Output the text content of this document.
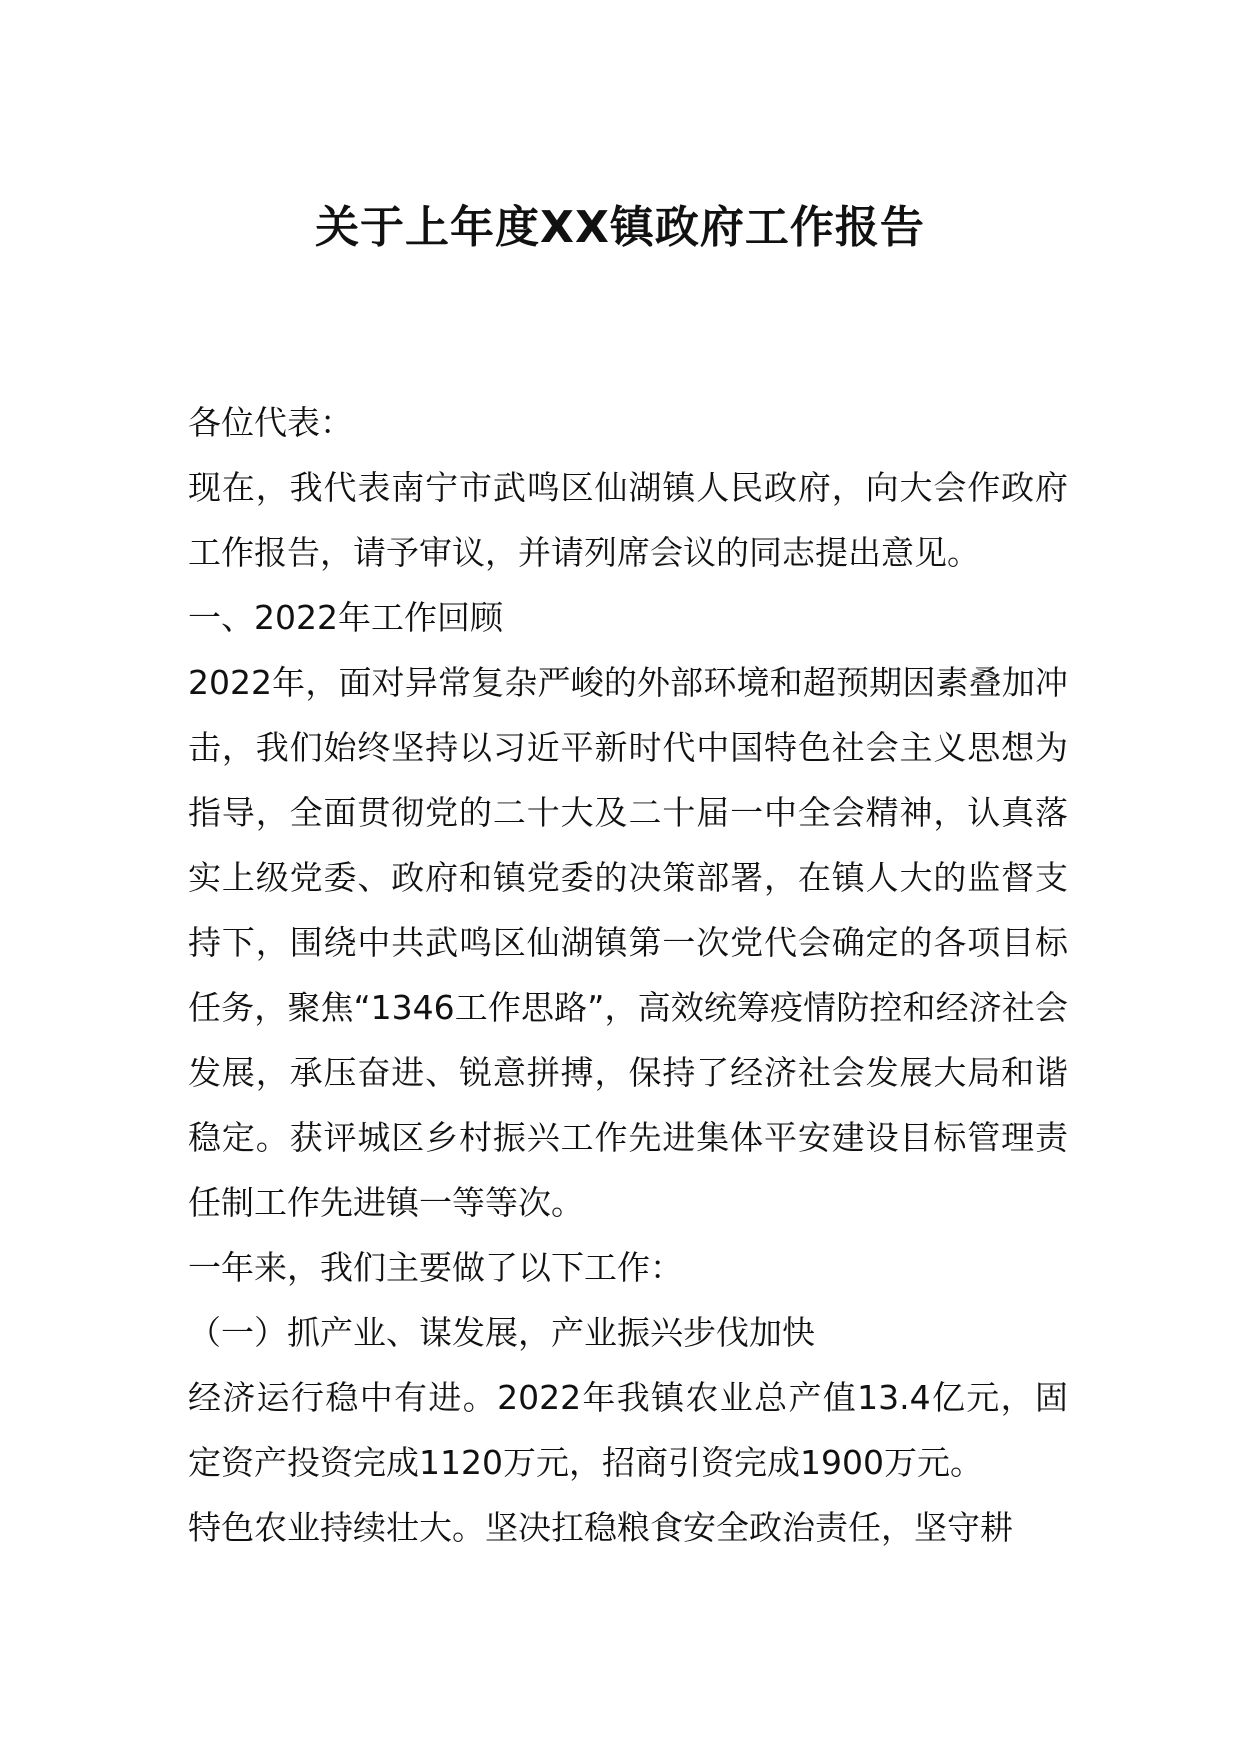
关于上年度XX镇政府工作报告

各位代表：

现在，我代表南宁市武鸣区仙湖镇人民政府，向大会作政府工作报告，请予审议，并请列席会议的同志提出意见。

一、2022年工作回顾

2022年，面对异常复杂严峻的外部环境和超预期因素叠加冲击，我们始终坚持以习近平新时代中国特色社会主义思想为指导，全面贯彻党的二十大及二十届一中全会精神，认真落实上级党委、政府和镇党委的决策部署，在镇人大的监督支持下，围绕中共武鸣区仙湖镇第一次党代会确定的各项目标任务，聚焦“1346工作思路”，高效统筹疫情防控和经济社会发展，承压奋进、锐意拼搏，保持了经济社会发展大局和谐稳定。获评城区乡村振兴工作先进集体平安建设目标管理责任制工作先进镇一等等次。

一年来，我们主要做了以下工作：

（一）抓产业、谋发展，产业振兴步伐加快

经济运行稳中有进。2022年我镇农业总产值13.4亿元，固定资产投资完成1120万元，招商引资完成1900万元。

特色农业持续壮大。坚决扛稳粮食安全政治责任，坚守耕
